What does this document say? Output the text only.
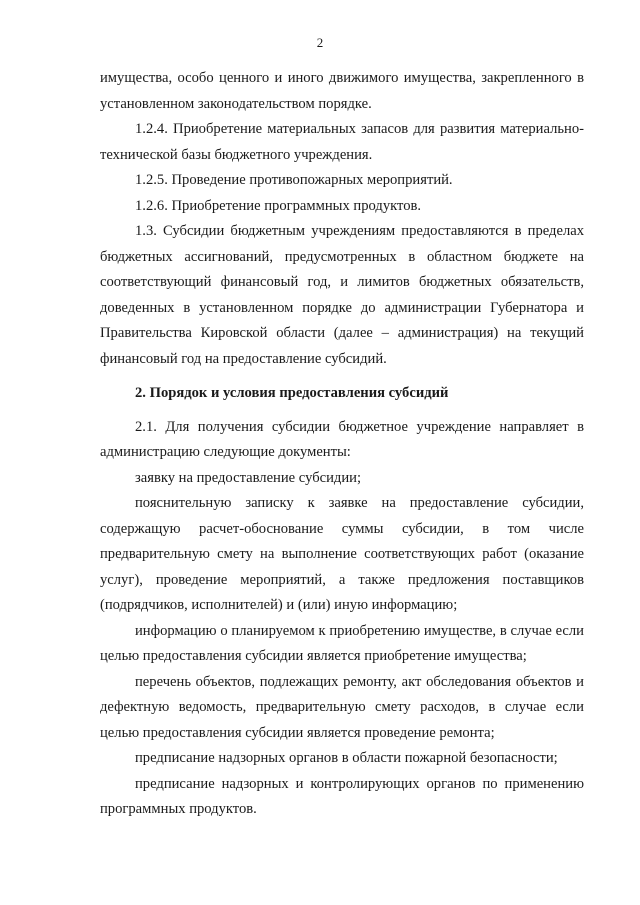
2

имущества, особо ценного и иного движимого имущества, закрепленного в установленном законодательством порядке.

1.2.4. Приобретение материальных запасов для развития материально-технической базы бюджетного учреждения.

1.2.5. Проведение противопожарных мероприятий.

1.2.6. Приобретение программных продуктов.

1.3. Субсидии бюджетным учреждениям предоставляются в пределах бюджетных ассигнований, предусмотренных в областном бюджете на соответствующий финансовый год, и лимитов бюджетных обязательств, доведенных в установленном порядке до администрации Губернатора и Правительства Кировской области (далее – администрация) на текущий финансовый год на предоставление субсидий.

2. Порядок и условия предоставления субсидий

2.1. Для получения субсидии бюджетное учреждение направляет в администрацию следующие документы:

заявку на предоставление субсидии;

пояснительную записку к заявке на предоставление субсидии, содержащую расчет-обоснование суммы субсидии, в том числе предварительную смету на выполнение соответствующих работ (оказание услуг), проведение мероприятий, а также предложения поставщиков (подрядчиков, исполнителей) и (или) иную информацию;

информацию о планируемом к приобретению имуществе, в случае если целью предоставления субсидии является приобретение имущества;

перечень объектов, подлежащих ремонту, акт обследования объектов и дефектную ведомость, предварительную смету расходов, в случае если целью предоставления субсидии является проведение ремонта;

предписание надзорных органов в области пожарной безопасности;

предписание надзорных и контролирующих органов по применению программных продуктов.
